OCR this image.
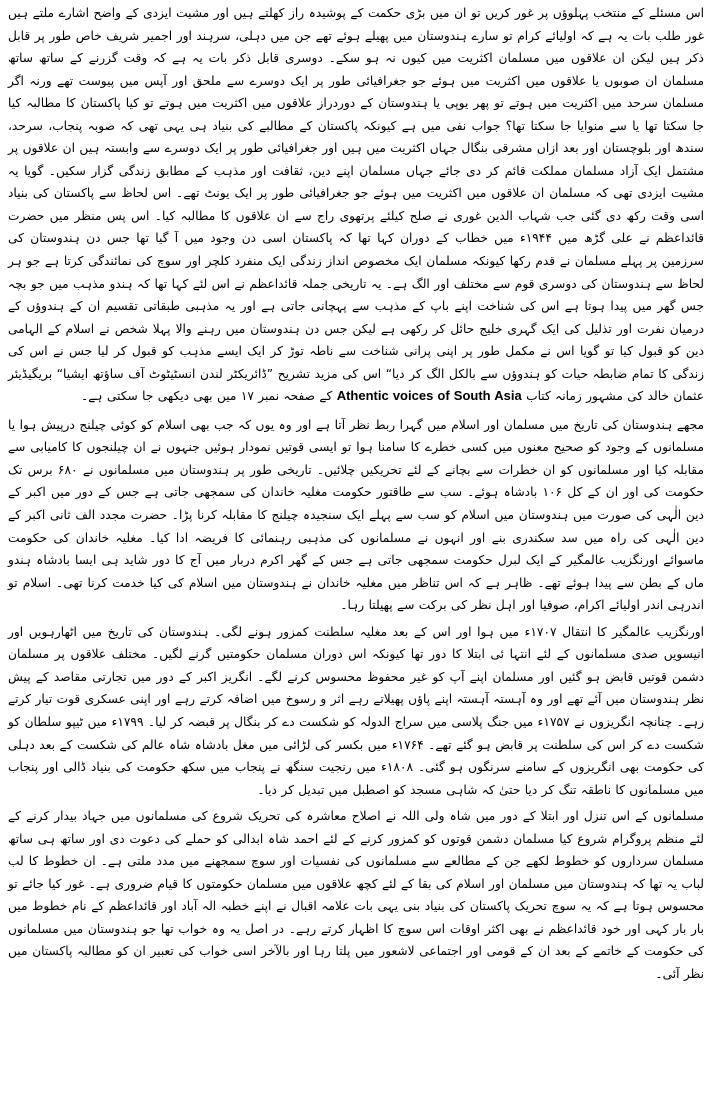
اس مسئلے کے منتخب پہلوؤں پر غور کریں تو ان میں بڑی حکمت کے پوشیدہ راز کھلتے ہیں اور مشیت ایزدی کے واضح اشارے ملتے ہیں غور طلب بات یہ ہے کہ اولیائے کرام تو سارے ہندوستان میں پھیلے ہوئے تھے جن میں دہلی، سرہند اور اجمیر شریف خاص طور پر قابل ذکر ہیں لیکن ان علاقوں میں مسلمان اکثریت میں کیوں نہ ہو سکے۔ دوسری قابل ذکر بات یہ ہے کہ وقت گزرنے کے ساتھ ساتھ مسلمان ان صوبوں یا علاقوں میں اکثریت میں ہوئے جو جغرافیائی طور پر ایک دوسرے سے ملحق اور آپس میں پیوست تھے ورنہ اگر مسلمان سرحد میں اکثریت میں ہوتے تو پھر یوپی یا ہندوستان کے دوردراز علاقوں میں اکثریت میں ہوتے تو کیا پاکستان کا مطالبہ کیا جا سکتا تھا یا سے منوایا جا سکتا تھا؟ جواب نفی میں ہے کیونکہ پاکستان کے مطالبے کی بنیاد ہی یہی تھی کہ صوبہ پنجاب، سرحد، سندھ اور بلوچستان اور بعد ازاں مشرقی بنگال جہاں اکثریت میں ہیں اور جغرافیائی طور پر ایک دوسرے سے وابستہ ہیں ان علاقوں پر مشتمل ایک آزاد مسلمان مملکت قائم کر دی جائے جہاں مسلمان اپنے دین، ثقافت اور مذہب کے مطابق زندگی گزار سکیں۔ گویا یہ مشیت ایزدی تھی کہ مسلمان ان علاقوں میں اکثریت میں ہوئے جو جغرافیائی طور پر ایک یونٹ تھے۔ اس لحاظ سے پاکستان کی بنیاد اسی وقت رکھ دی گئی جب شہاب الدین غوری نے صلح کیلئے پرتھوی راج سے ان علاقوں کا مطالبہ کیا۔ اس پس منظر میں حضرت قائداعظم نے علی گڑھ میں ۱۹۴۴ء میں خطاب کے دوران کہا تھا کہ پاکستان اسی دن وجود میں آ گیا تھا جس دن ہندوستان کی سرزمین پر پہلے مسلمان نے قدم رکھا کیونکہ مسلمان ایک مخصوص انداز زندگی ایک منفرد کلچر اور سوچ کی نمائندگی کرتا ہے جو ہر لحاظ سے ہندوستان کی دوسری قوم سے مختلف اور الگ ہے۔ یہ تاریخی جملہ قائداعظم نے اس لئے کہا تھا کہ ہندو مذہب میں جو بچہ جس گھر میں پیدا ہوتا ہے اس کی شناخت اپنے باپ کے مذہب سے پہچانی جاتی ہے اور یہ مذہبی طبقاتی تقسیم ان کے ہندوؤں کے درمیان نفرت اور تذلیل کی ایک گہری خلیج حائل کر رکھی ہے لیکن جس دن ہندوستان میں رہنے والا پہلا شخص نے اسلام کے الہامی دین کو قبول کیا تو گویا اس نے مکمل طور پر اپنی پرانی شناخت سے ناطہ توڑ کر ایک ایسے مذہب کو قبول کر لیا جس نے اس کی زندگی کا تمام ضابطہ حیات کو ہندوؤں سے بالکل الگ کر دیا“ اس کی مزید تشریح ”ڈائریکٹر لندن انسٹیٹوٹ آف ساؤتھ ایشیا“ بریگیڈیئر عثمان خالد کی مشہور زمانہ کتاب Athentic voices of South Asia کے صفحہ نمبر ۱۷ میں بھی دیکھی جا سکتی ہے۔

مجھے ہندوستان کی تاریخ میں مسلمان اور اسلام میں گہرا ربط نظر آتا ہے اور وہ یوں کہ جب بھی اسلام کو کوئی چیلنج درپیش ہوا یا مسلمانوں کے وجود کو صحیح معنوں میں کسی خطرے کا سامنا ہوا تو ایسی قوتیں نمودار ہوئیں جنہوں نے ان چیلنجوں کا کامیابی سے مقابلہ کیا اور مسلمانوں کو ان خطرات سے بچانے کے لئے تحریکیں چلائیں۔ تاریخی طور پر ہندوستان میں مسلمانوں نے ۶۸۰ برس تک حکومت کی اور ان کے کل ۱۰۶ بادشاہ ہوئے۔ سب سے طاقتور حکومت مغلیہ خاندان کی سمجھی جاتی ہے جس کے دور میں اکبر کے دین الٰہی کی صورت میں ہندوستان میں اسلام کو سب سے پہلے ایک سنجیدہ چیلنج کا مقابلہ کرنا پڑا۔ حضرت مجدد الف ثانی اکبر کے دین الٰہی کی راہ میں سد سکندری بنے اور انہوں نے مسلمانوں کی مذہبی رہنمائی کا فریضہ ادا کیا۔ مغلیہ خاندان کی حکومت ماسوائے اورنگزیب عالمگیر کے ایک لبرل حکومت سمجھی جاتی ہے جس کے گھر اکرم دربار میں آج کا دور شاید ہی ایسا بادشاہ ہندو ماں کے بطن سے پیدا ہوئے تھے۔ ظاہر ہے کہ اس تناظر میں مغلیہ خاندان نے ہندوستان میں اسلام کی کیا خدمت کرنا تھی۔ اسلام تو اندرہی اندر اولیائے اکرام، صوفیا اور اہل نظر کی برکت سے پھیلتا رہا۔

اورنگزیب عالمگیر کا انتقال ۱۷۰۷ء میں ہوا اور اس کے بعد مغلیہ سلطنت کمزور ہونے لگی۔ ہندوستان کی تاریخ میں اٹھارہویں اور انیسویں صدی مسلمانوں کے لئے انتہا ئی ابتلا کا دور تھا کیونکہ اس دوران مسلمان حکومتیں گرنے لگیں۔ مختلف علاقوں پر مسلمان دشمن قوتیں قابض ہو گئیں اور مسلمان اپنے آپ کو غیر محفوظ محسوس کرنے لگے۔ انگریز اکبر کے دور میں تجارتی مقاصد کے پیش نظر ہندوستان میں آئے تھے اور وہ آہستہ آہستہ اپنے پاؤں پھیلاتے رہے اثر و رسوخ میں اضافہ کرتے رہے اور اپنی عسکری قوت تیار کرتے رہے۔ چنانچہ انگریزوں نے ۱۷۵۷ء میں جنگ پلاسی میں سراج الدولہ کو شکست دے کر بنگال پر قبضہ کر لیا۔ ۱۷۹۹ء میں ٹیپو سلطان کو شکست دے کر اس کی سلطنت پر قابض ہو گئے تھے۔ ۱۷۶۴ء میں بکسر کی لڑائی میں مغل بادشاہ شاہ عالم کی شکست کے بعد دہلی کی حکومت بھی انگریزوں کے سامنے سرنگوں ہو گئی۔ ۱۸۰۸ء میں رنجیت سنگھ نے پنجاب میں سکھ حکومت کی بنیاد ڈالی اور پنجاب میں مسلمانوں کا ناطقہ تنگ کر دیا حتیٰ کہ شاہی مسجد کو اصطبل میں تبدیل کر دیا۔

مسلمانوں کے اس تنزل اور ابتلا کے دور میں شاہ ولی اللہ نے اصلاح معاشرہ کی تحریک شروع کی مسلمانوں میں جہاد بیدار کرنے کے لئے منظم پروگرام شروع کیا مسلمان دشمن قوتوں کو کمزور کرنے کے لئے احمد شاہ ابدالی کو حملے کی دعوت دی اور ساتھ ہی ساتھ مسلمان سرداروں کو خطوط لکھے جن کے مطالعے سے مسلمانوں کی نفسیات اور سوچ سمجھنے میں مدد ملتی ہے۔ ان خطوط کا لب لباب یہ تھا کہ ہندوستان میں مسلمان اور اسلام کی بقا کے لئے کچھ علاقوں میں مسلمان حکومتوں کا قیام ضروری ہے۔ غور کیا جائے تو محسوس ہوتا ہے کہ یہ سوچ تحریک پاکستان کی بنیاد بنی یہی بات علامہ اقبال نے اپنے خطبہ الہ آباد اور قائداعظم کے نام خطوط میں بار بار کہی اور خود قائداعظم نے بھی اکثر اوقات اس سوچ کا اظہار کرتے رہے۔ در اصل یہ وہ خواب تھا جو ہندوستان میں مسلمانوں کی حکومت کے خاتمے کے بعد ان کے قومی اور اجتماعی لاشعور میں پلتا رہا اور بالآخر اسی خواب کی تعبیر ان کو مطالبہ پاکستان میں نظر آئی۔
